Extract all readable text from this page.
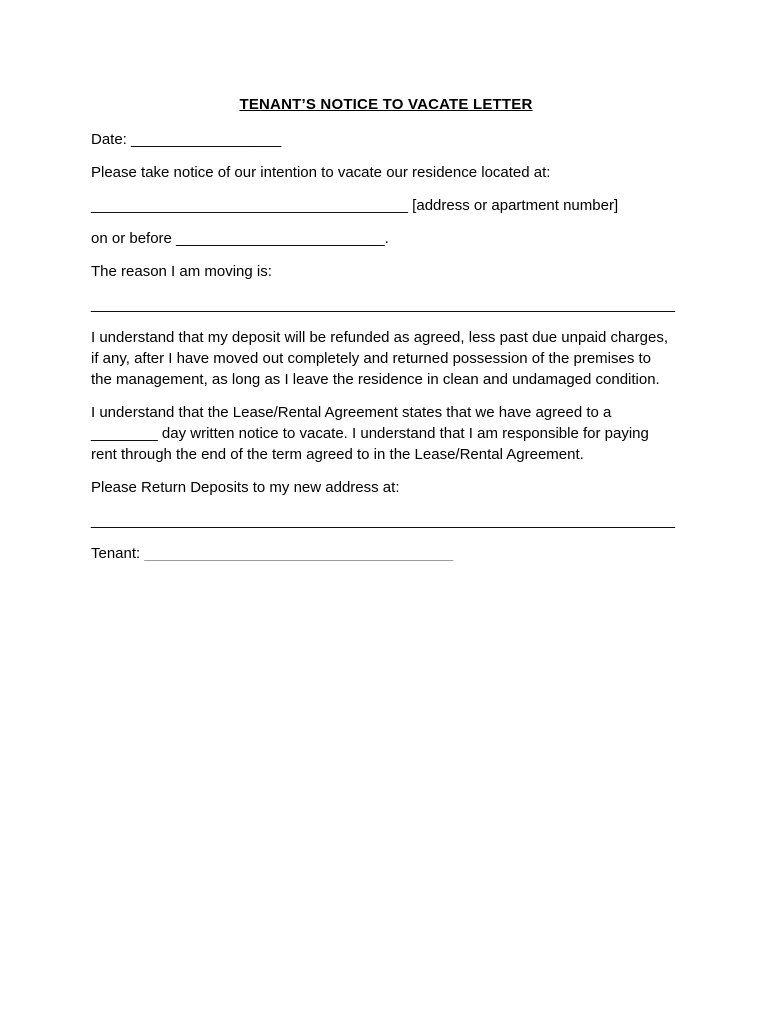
TENANT’S NOTICE TO VACATE LETTER

Date: __________________

Please take notice of our intention to vacate our residence located at:

______________________________________ [address or apartment number]

on or before _________________________.

The reason I am moving is:

______________________________________________________________________

I understand that my deposit will be refunded as agreed, less past due unpaid charges,
if any, after I have moved out completely and returned possession of the premises to
the management, as long as I leave the residence in clean and undamaged condition.

I understand that the Lease/Rental Agreement states that we have agreed to a
________ day written notice to vacate. I understand that I am responsible for paying
rent through the end of the term agreed to in the Lease/Rental Agreement.

Please Return Deposits to my new address at:

______________________________________________________________________

Tenant: _____________________________________
